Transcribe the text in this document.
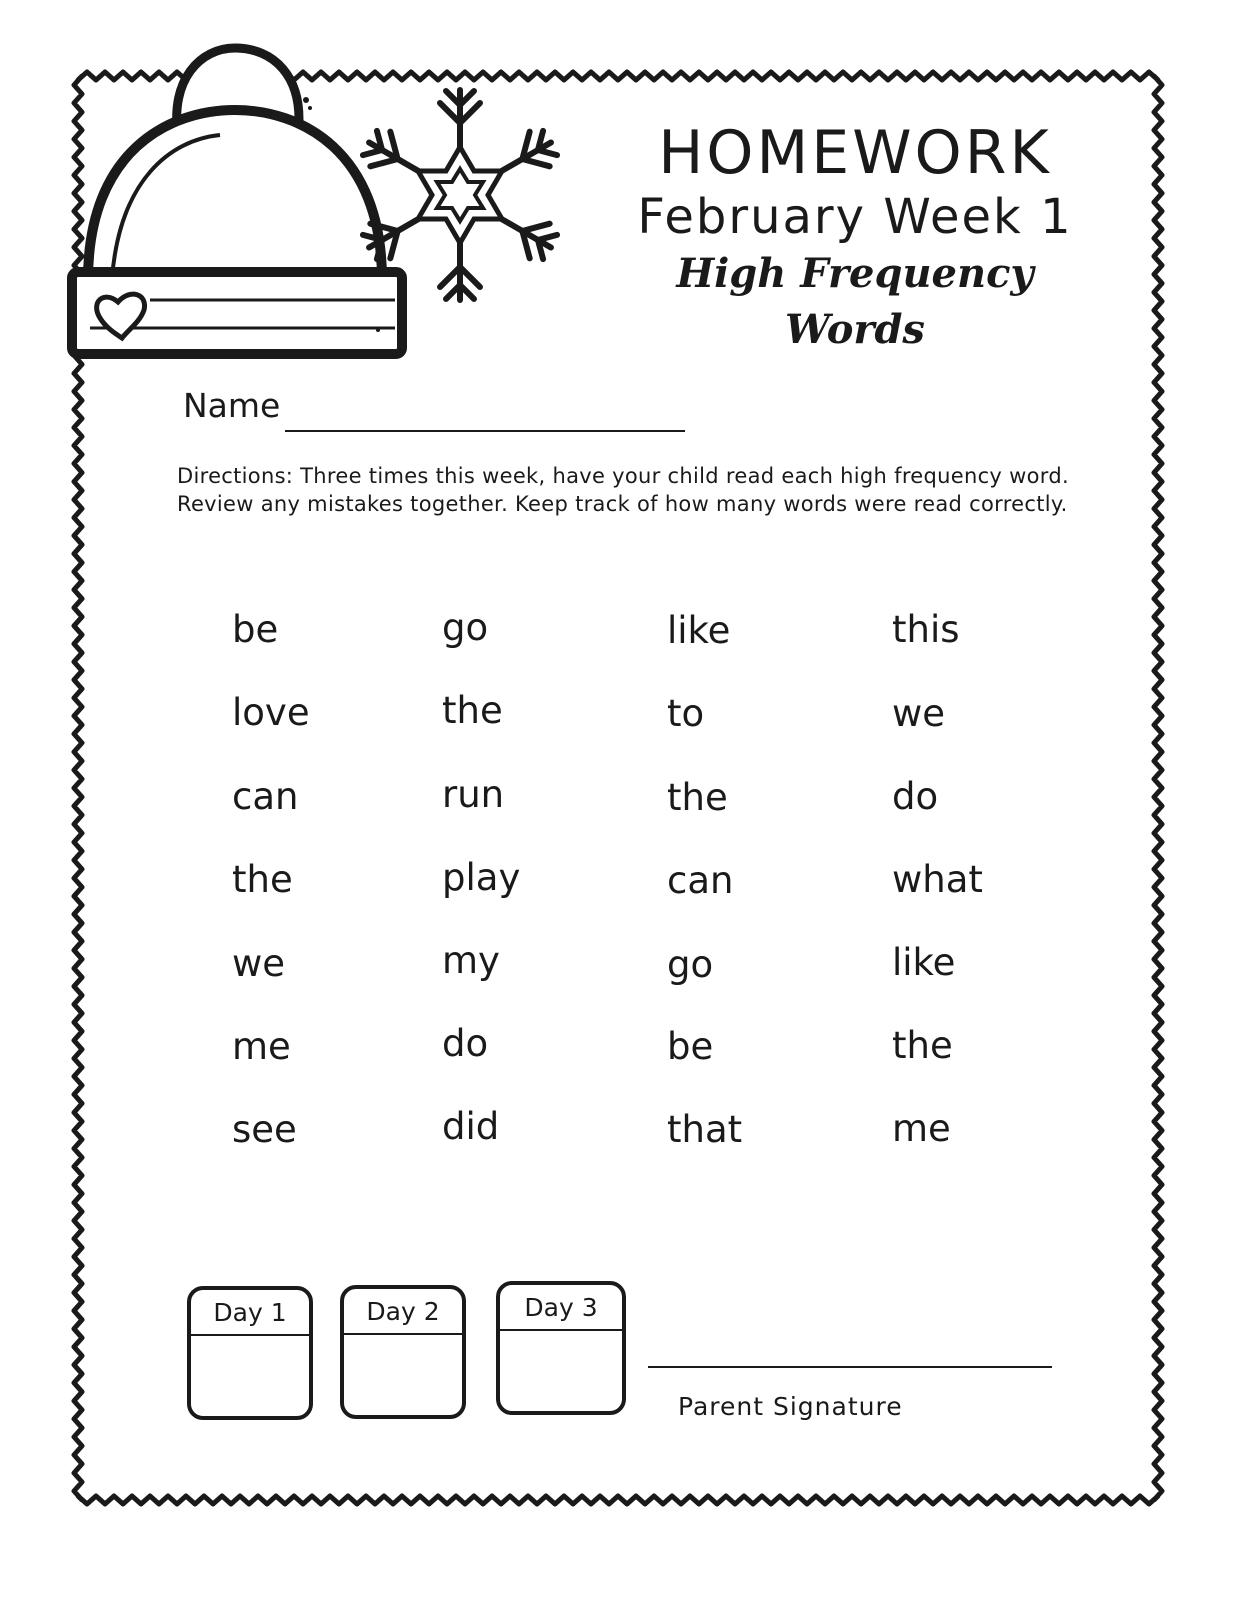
HOMEWORK
February Week 1
High Frequency Words
Name
Directions: Three times this week, have your child read each high frequency word.
Review any mistakes together. Keep track of how many words were read correctly.
be
love
can
the
we
me
see
go
the
run
play
my
do
did
like
to
the
can
go
be
that
this
we
do
what
like
the
me
Day 1	Day 2	Day 3
Parent Signature
